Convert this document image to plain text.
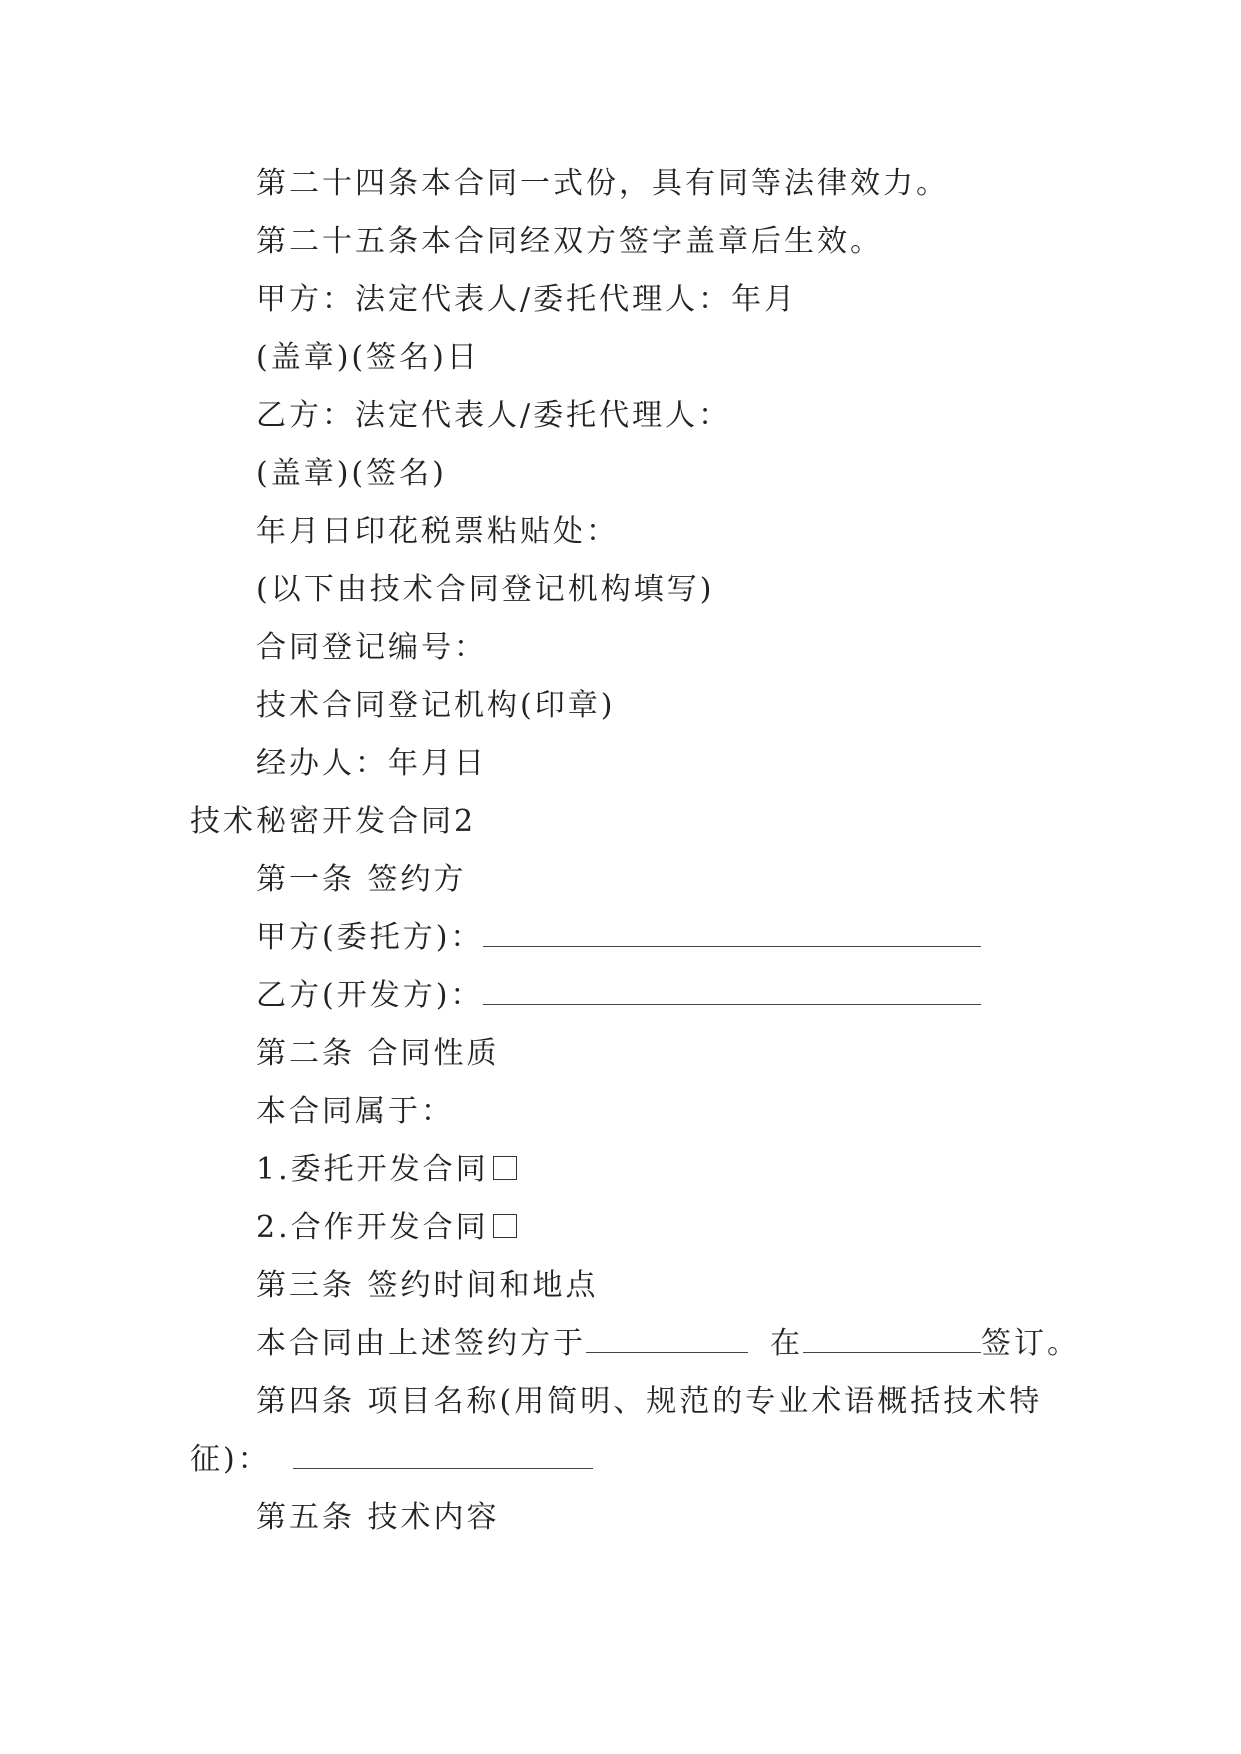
第二十四条本合同一式份，具有同等法律效力。
第二十五条本合同经双方签字盖章后生效。
甲方：法定代表人/委托代理人：年月
(盖章)(签名)日
乙方：法定代表人/委托代理人：
(盖章)(签名)
年月日印花税票粘贴处：
(以下由技术合同登记机构填写)
合同登记编号：
技术合同登记机构(印章)
经办人：年月日
技术秘密开发合同2
第一条 签约方
甲方(委托方)：
乙方(开发方)：
第二条 合同性质
本合同属于：
1.委托开发合同
2.合作开发合同
第三条 签约时间和地点
本合同由上述签约方于	在	签订。
第四条 项目名称(用简明、规范的专业术语概括技术特
征)：
第五条 技术内容
